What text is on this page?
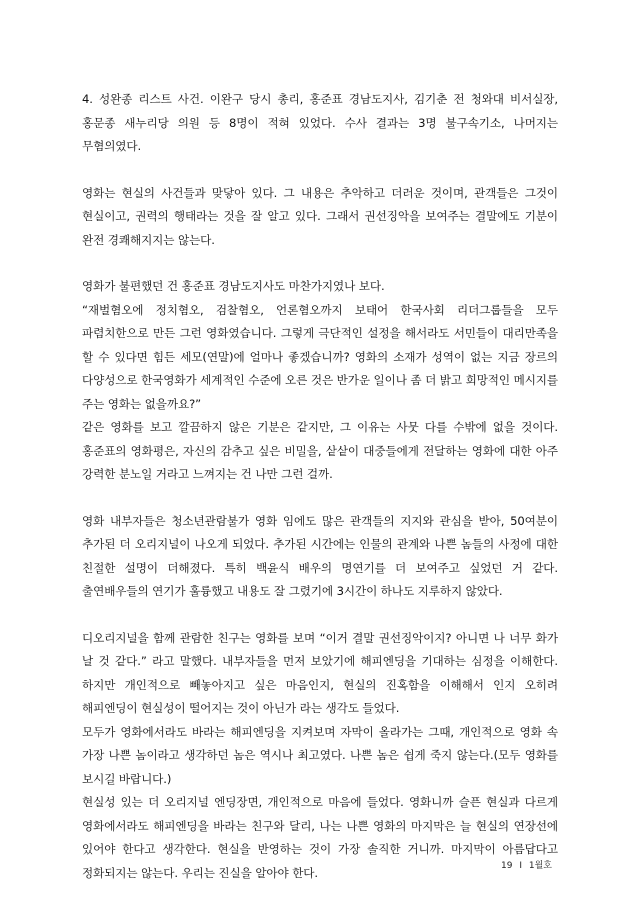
4. 성완종 리스트 사건. 이완구 당시 총리, 홍준표 경남도지사, 김기춘 전 청와대 비서실장, 홍문종 새누리당 의원 등 8명이 적혀 있었다. 수사 결과는 3명 불구속기소, 나머지는 무혐의였다.

영화는 현실의 사건들과 맞닿아 있다. 그 내용은 추악하고 더러운 것이며, 관객들은 그것이 현실이고, 권력의 행태라는 것을 잘 알고 있다. 그래서 권선징악을 보여주는 결말에도 기분이 완전 경쾌해지지는 않는다.

영화가 불편했던 건 홍준표 경남도지사도 마찬가지였나 보다.
“재벌혐오에 정치혐오, 검찰혐오, 언론혐오까지 보태어 한국사회 리더그룹들을 모두 파렴치한으로 만든 그런 영화였습니다. 그렇게 극단적인 설정을 해서라도 서민들이 대리만족을 할 수 있다면 힘든 세모(연말)에 얼마나 좋겠습니까? 영화의 소재가 성역이 없는 지금 장르의 다양성으로 한국영화가 세계적인 수준에 오른 것은 반가운 일이나 좀 더 밝고 희망적인 메시지를 주는 영화는 없을까요?”
같은 영화를 보고 깔끔하지 않은 기분은 같지만, 그 이유는 사뭇 다를 수밖에 없을 것이다. 홍준표의 영화평은, 자신의 감추고 싶은 비밀을, 샅샅이 대중들에게 전달하는 영화에 대한 아주 강력한 분노일 거라고 느껴지는 건 나만 그런 걸까.

영화 내부자들은 청소년관람불가 영화 임에도 많은 관객들의 지지와 관심을 받아, 50여분이 추가된 더 오리지널이 나오게 되었다. 추가된 시간에는 인물의 관계와 나쁜 놈들의 사정에 대한 친절한 설명이 더해졌다. 특히 백윤식 배우의 명연기를 더 보여주고 싶었던 거 같다. 출연배우들의 연기가 훌륭했고 내용도 잘 그렸기에 3시간이 하나도 지루하지 않았다.

디오리지널을 함께 관람한 친구는 영화를 보며 “이거 결말 권선징악이지? 아니면 나 너무 화가 날 것 같다.” 라고 말했다. 내부자들을 먼저 보았기에 해피엔딩을 기대하는 심정을 이해한다. 하지만 개인적으로 빼놓아지고 싶은 마음인지, 현실의 진혹함을 이해해서 인지 오히려 해피엔딩이 현실성이 떨어지는 것이 아닌가 라는 생각도 들었다.
모두가 영화에서라도 바라는 해피엔딩을 지켜보며 자막이 올라가는 그때, 개인적으로 영화 속 가장 나쁜 놈이라고 생각하던 놈은 역시나 최고였다. 나쁜 놈은 쉽게 죽지 않는다.(모두 영화를 보시길 바랍니다.)
현실성 있는 더 오리지널 엔딩장면, 개인적으로 마음에 들었다. 영화니까 슬픈 현실과 다르게 영화에서라도 해피엔딩을 바라는 친구와 달리, 나는 나쁜 영화의 마지막은 늘 현실의 연장선에 있어야 한다고 생각한다. 현실을 반영하는 것이 가장 솔직한 거니까. 마지막이 아름답다고 정화되지는 않는다. 우리는 진실을 알아야 한다.	19 I 1월호
